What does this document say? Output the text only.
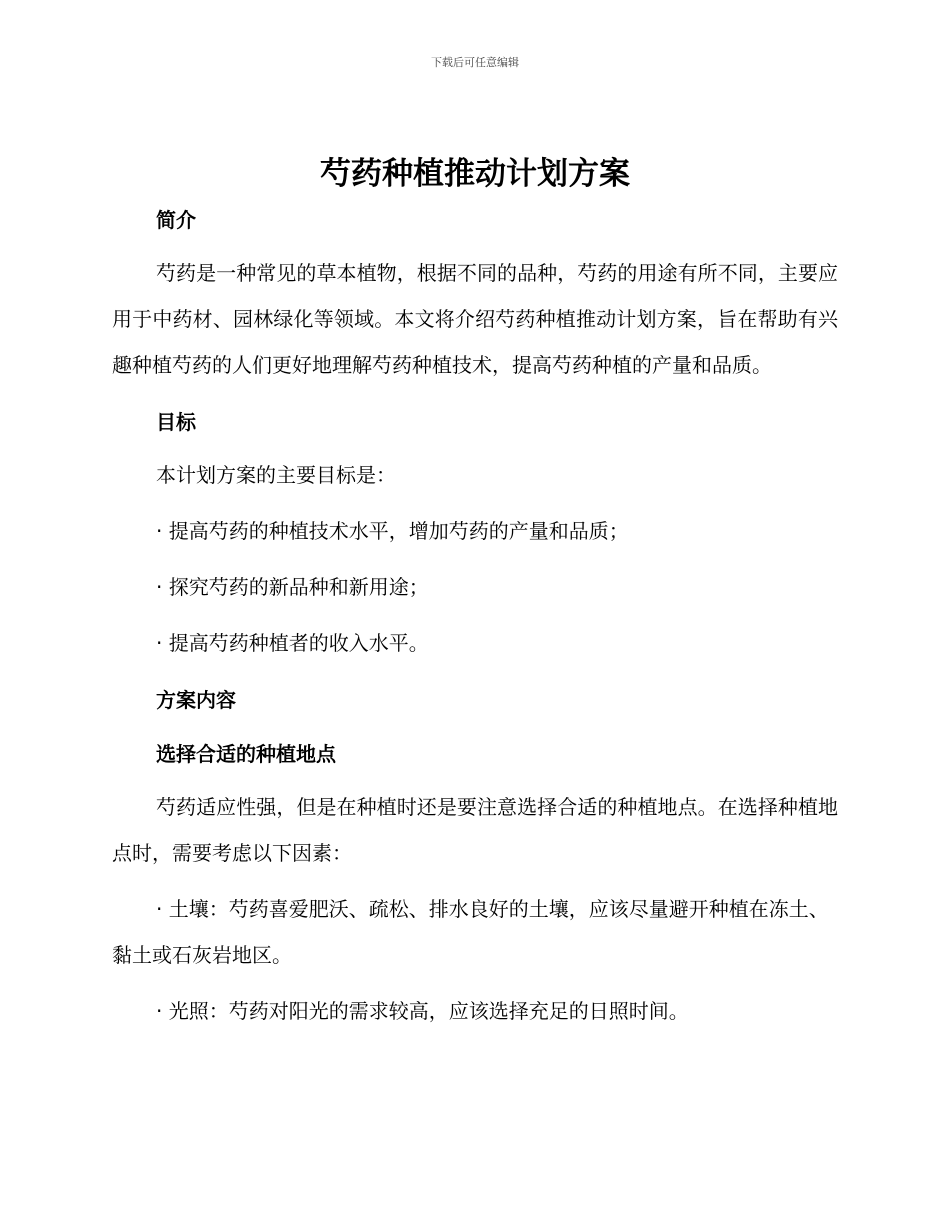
下载后可任意编辑
芍药种植推动计划方案
简介

芍药是一种常见的草本植物，根据不同的品种，芍药的用途有所不同，主要应用于中药材、园林绿化等领域。本文将介绍芍药种植推动计划方案，旨在帮助有兴趣种植芍药的人们更好地理解芍药种植技术，提高芍药种植的产量和品质。

目标

本计划方案的主要目标是：

· 提高芍药的种植技术水平，增加芍药的产量和品质；

· 探究芍药的新品种和新用途；

· 提高芍药种植者的收入水平。

方案内容
选择合适的种植地点

芍药适应性强，但是在种植时还是要注意选择合适的种植地点。在选择种植地点时，需要考虑以下因素：

· 土壤：芍药喜爱肥沃、疏松、排水良好的土壤，应该尽量避开种植在冻土、黏土或石灰岩地区。

· 光照：芍药对阳光的需求较高，应该选择充足的日照时间。
